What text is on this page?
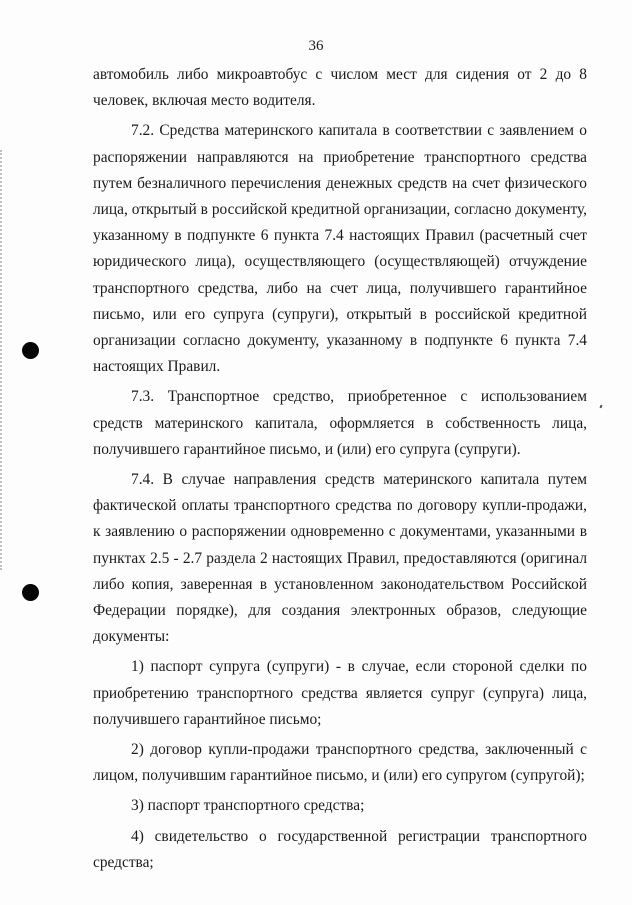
36

автомобиль либо микроавтобус с числом мест для сидения от 2 до 8 человек, включая место водителя.

7.2. Средства материнского капитала в соответствии с заявлением о распоряжении направляются на приобретение транспортного средства путем безналичного перечисления денежных средств на счет физического лица, открытый в российской кредитной организации, согласно документу, указанному в подпункте 6 пункта 7.4 настоящих Правил (расчетный счет юридического лица), осуществляющего (осуществляющей) отчуждение транспортного средства, либо на счет лица, получившего гарантийное письмо, или его супруга (супруги), открытый в российской кредитной организации согласно документу, указанному в подпункте 6 пункта 7.4 настоящих Правил.

7.3. Транспортное средство, приобретенное с использованием средств материнского капитала, оформляется в собственность лица, получившего гарантийное письмо, и (или) его супруга (супруги).

7.4. В случае направления средств материнского капитала путем фактической оплаты транспортного средства по договору купли-продажи, к заявлению о распоряжении одновременно с документами, указанными в пунктах 2.5 - 2.7 раздела 2 настоящих Правил, предоставляются (оригинал либо копия, заверенная в установленном законодательством Российской Федерации порядке), для создания электронных образов, следующие документы:

1) паспорт супруга (супруги) - в случае, если стороной сделки по приобретению транспортного средства является супруг (супруга) лица, получившего гарантийное письмо;

2) договор купли-продажи транспортного средства, заключенный с лицом, получившим гарантийное письмо, и (или) его супругом (супругой);

3) паспорт транспортного средства;

4) свидетельство о государственной регистрации транспортного средства;
